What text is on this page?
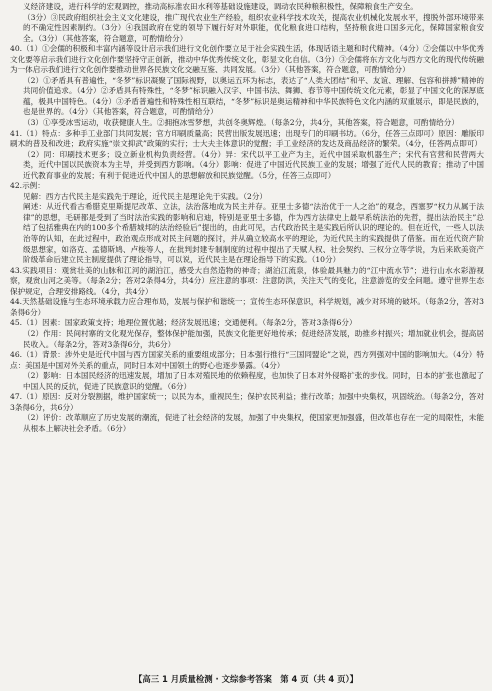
义经济建设，进行科学的宏观调控，推动高标准农田水利等基础设施建设，调动农民种粮积极性，保障粮食生产安全。

（3分）③民政府组织社会主义文化建设，推广现代农业生产经验，组织农业科学技术攻关，提高农业机械化发展水平，搜脱外部环境带来的不确定性因素制约。（3分）④我国政府在党的领导下履行好对外职能，优化粮食进口结构，坚持粮食进口国多元化，保障国家粮食安全。（3分）（其他答案，符合题意，可酌情给分）

40.（1）①会儒的积极和丰富内涵等设计启示我们进行文化创作要立足于社会实践生活，体现话语主题和时代精神。（4分）②会儒以中华优秀文化要等启示我们进行文化创作要坚持守正创新，推动中华优秀传统文化，彰显文化自信。（3分）③会儒将东方文化与西方文化的现代传统融为一体启示我们进行文化创作要推动世界各民族文化交融互鉴、共同发展。（3分）（其他答案，符合题意，可酌情给分）

（2）①矛盾具有普遍性，“冬梦”标识凝聚了国际视野，以奥运五环为标志，表达了“人类大团结”和平、友谊、理解、包容和拼搏”精神的共同价值追求。（4分）②矛盾具有特殊性，“冬梦”标识融入汉字、中国书法、舞狮、春节等中国传统文化元素，彰显了中国文化的深厚底蕴，极具中国特色。（4分）③矛盾普遍性和特殊性相互联结，“冬梦”标识是奥运精神和中华民族特色文化内涵的双重展示，即是民族的，也是世界的。（4分）（其他答案，符合题意，可酌情给分）

（3）①享受冰雪运动，收获健康人生。②拥抱冰雪梦想，共创冬奥辉煌。（每条2分，共4分，其他答案，符合题意，可酌情给分）

41.（1）特点：多种手工业部门共同发展；官方印刷质量高；民营出版发展迅速；出现专门的印刷书坊。（6分，任答三点即可）原因：雕版印刷术的普及和改进；政府实施“崇文抑武”政策的实行；士大夫主体意识的觉醒；手工业经济的发达及商品经济的繁荣。（4分，任答两点即可）

（2）同：印刷技术更多；设立新业机构负责经营。（4分）异：宋代以平工业产为主，近代中国采取机器生产；宋代有官营和民营两大类，近代中国以民族资本为主导，并受到西方影响。（4分）影响：促进了中国近代民族工业的发展；增强了近代人民的教育；推动了中国近代教育事业的发展；有利于促进近代中国人的思想解放和民族觉醒。（5分，任答三点即可）

42.示例：

见解：西方古代民主是实践先于理论，近代民主是理论先于实践。（2分）

阐述：从近代看古希腊克里斯提尼改革、立法，法治落地成为民主并存。亚里士多德“法治优于一人之治”的观念，西塞罗“权力从属于法律”的思想，毛研都是受到了当时法治实践的影响和启迪，特别是亚里士多德，作为西方法律史上最早系统法治的先哲，提出法治民主”总结了包括雅典在内的100多个希腊城邦的法治经验后”提出的，由此可见，古代政治民主是实践后所认识的理论的。但在近代，一些人以法治等的认知，在此过程中，政治观点形成对民主问题的探讨，并从确立较高水平的理论，为近代民主的实践提供了借鉴。而在近代资产阶级思想家，如洛克、孟德斯鸠、卢梭等人，在批判封建专制制度的过程中提出了天赋人权、社会契约、三权分立等学说，为后来欧美资产阶级革命后建立民主制度提供了理论指导，可以说，近代民主是在理论指导下的实践。（10分）

43.实践项目：观赏壮美的山脉和江河的湖泊江，感受大自然造物的神奇；湖泊江流泉，体验最具魅力的“江中流水节”；进行山水水彩游视察，观赏山河之美等。（每条2分；答对2条得4分，共4分）应注意的事项：注意防洪，关注天气的变化，注意游览的安全问题。遵守世界生态保护规定，合理安排路线。（4分，共4分）

44.天然基础设施与生态环境承载力应合理布局，发展与保护和谐统一；宣传生态环保意识，科学规划，减少对环境的破坏。（每条2分，答对3条得6分）

45.（1）因素：国家政策支持；地理位置优越；经济发展迅速；交通便利。（每条2分，答对3条得6分）

（2）作用：民间村寨的文化观光保存，整体保护能加强，民族文化能更好地传承；促进经济发展，助推乡村振兴；增加就业机会，提高居民收入。（每条2分，答对3条得6分，共6分）

46.（1）背景：涉外史是近代中国与西方国家关系的重要组成部分；日本强行推行“三国同盟论”之说，西方列强对中国的影响加大。（4分）特点：美国是中国对外关系的重点，同时日本对中国领土的野心也逐步暴露。（4分）

（2）影响：日本国民经济的迅速发展，增加了日本对殖民地的依赖程度，也加快了日本对外侵略扩张的步伐。同时，日本的扩张也激起了中国人民的反抗，促进了民族意识的觉醒。（6分）

47.（1）原因：反对分裂割据，维护国家统一；以民为本，重视民生；保护农民利益；推行改革；加强中央集权，巩固统治。（每条2分，答对3条得6分，共6分）

（2）评价：改革顺应了历史发展的潮流，促进了社会经济的发展，加强了中央集权，使国家更加强盛，但改革也存在一定的局限性，未能从根本上解决社会矛盾。（6分）

【高三 1 月质量检测 · 文综参考答案　第 4 页（共 4 页）】
